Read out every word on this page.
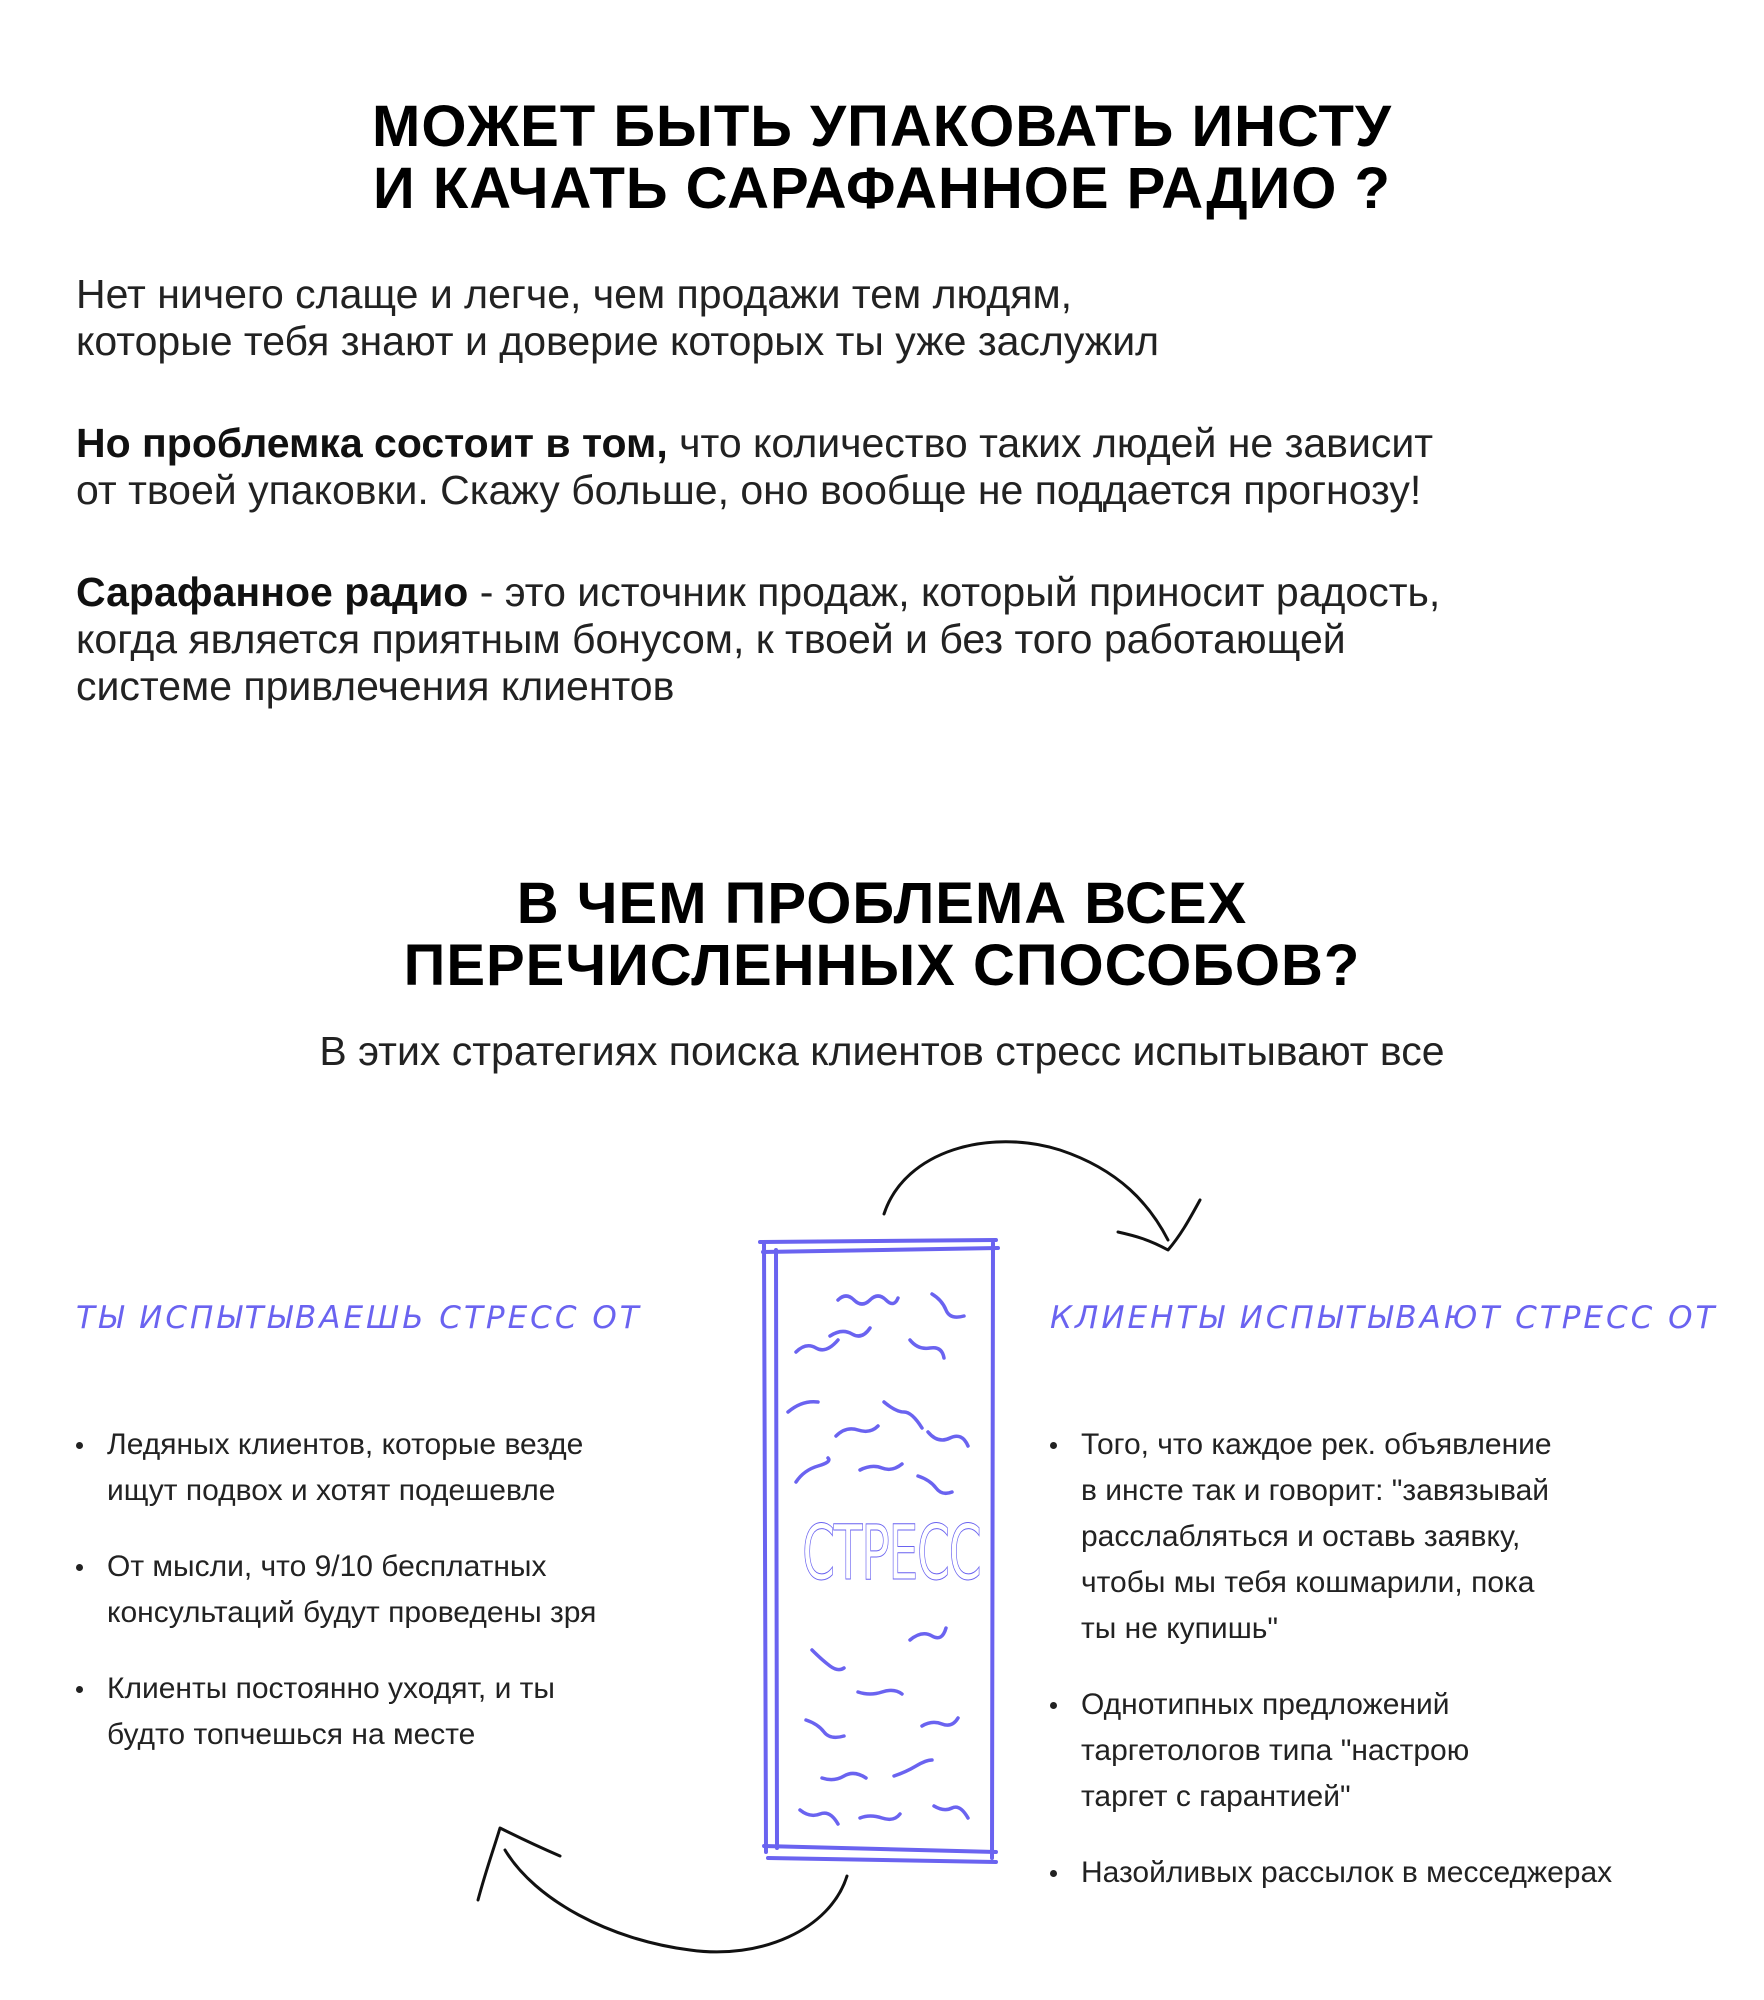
МОЖЕТ БЫТЬ УПАКОВАТЬ ИНСТУ
И КАЧАТЬ САРАФАННОЕ РАДИО ?

Нет ничего слаще и легче, чем продажи тем людям,
которые тебя знают и доверие которых ты уже заслужил

Но проблемка состоит в том, что количество таких людей не зависит
от твоей упаковки. Скажу больше, оно вообще не поддается прогнозу!

Сарафанное радио - это источник продаж, который приносит радость,
когда является приятным бонусом, к твоей и без того работающей
системе привлечения клиентов

В ЧЕМ ПРОБЛЕМА ВСЕХ
ПЕРЕЧИСЛЕННЫХ СПОСОБОВ?

В этих стратегиях поиска клиентов стресс испытывают все

СТРЕСС
ТЫ ИСПЫТЫВАЕШЬ СТРЕСС ОТ	КЛИЕНТЫ ИСПЫТЫВАЮТ СТРЕСС ОТ
Ледяных клиентов, которые везде
ищут подвох и хотят подешевле
От мысли, что 9/10 бесплатных
консультаций будут проведены зря
Клиенты постоянно уходят, и ты
будто топчешься на месте
Того, что каждое рек. объявление
в инсте так и говорит: "завязывай
расслабляться и оставь заявку,
чтобы мы тебя кошмарили, пока
ты не купишь"
Однотипных предложений
таргетологов типа "настрою
таргет с гарантией"
Назойливых рассылок в месседжерах
